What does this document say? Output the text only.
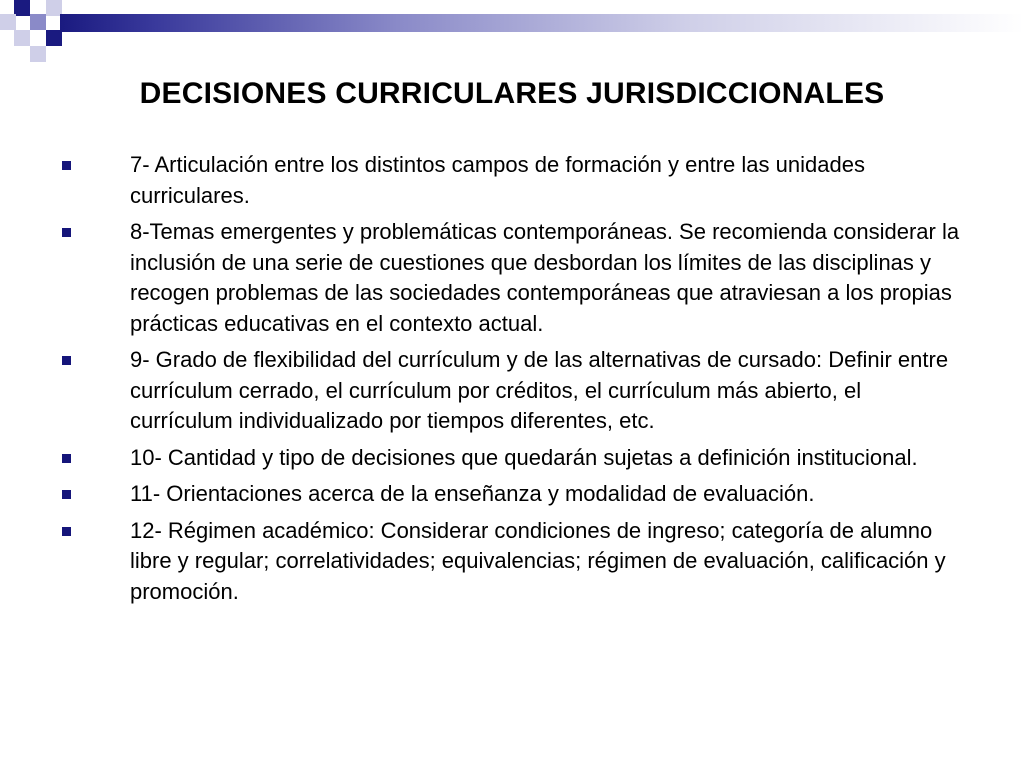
DECISIONES CURRICULARES JURISDICCIONALES
7- Articulación entre los distintos campos de formación y entre las unidades curriculares.
8-Temas emergentes y problemáticas contemporáneas. Se recomienda considerar la inclusión de una serie de cuestiones que desbordan los límites de las disciplinas y recogen problemas de las sociedades contemporáneas que atraviesan a los propias prácticas educativas en el contexto actual.
9- Grado de flexibilidad del currículum y de las alternativas de cursado: Definir entre currículum cerrado, el currículum por créditos, el currículum más abierto, el currículum individualizado por tiempos diferentes, etc.
10- Cantidad y tipo de decisiones que quedarán sujetas a definición institucional.
11- Orientaciones acerca de la enseñanza y modalidad de evaluación.
12- Régimen académico: Considerar condiciones de ingreso; categoría de alumno libre y regular; correlatividades; equivalencias; régimen de evaluación, calificación y promoción.
